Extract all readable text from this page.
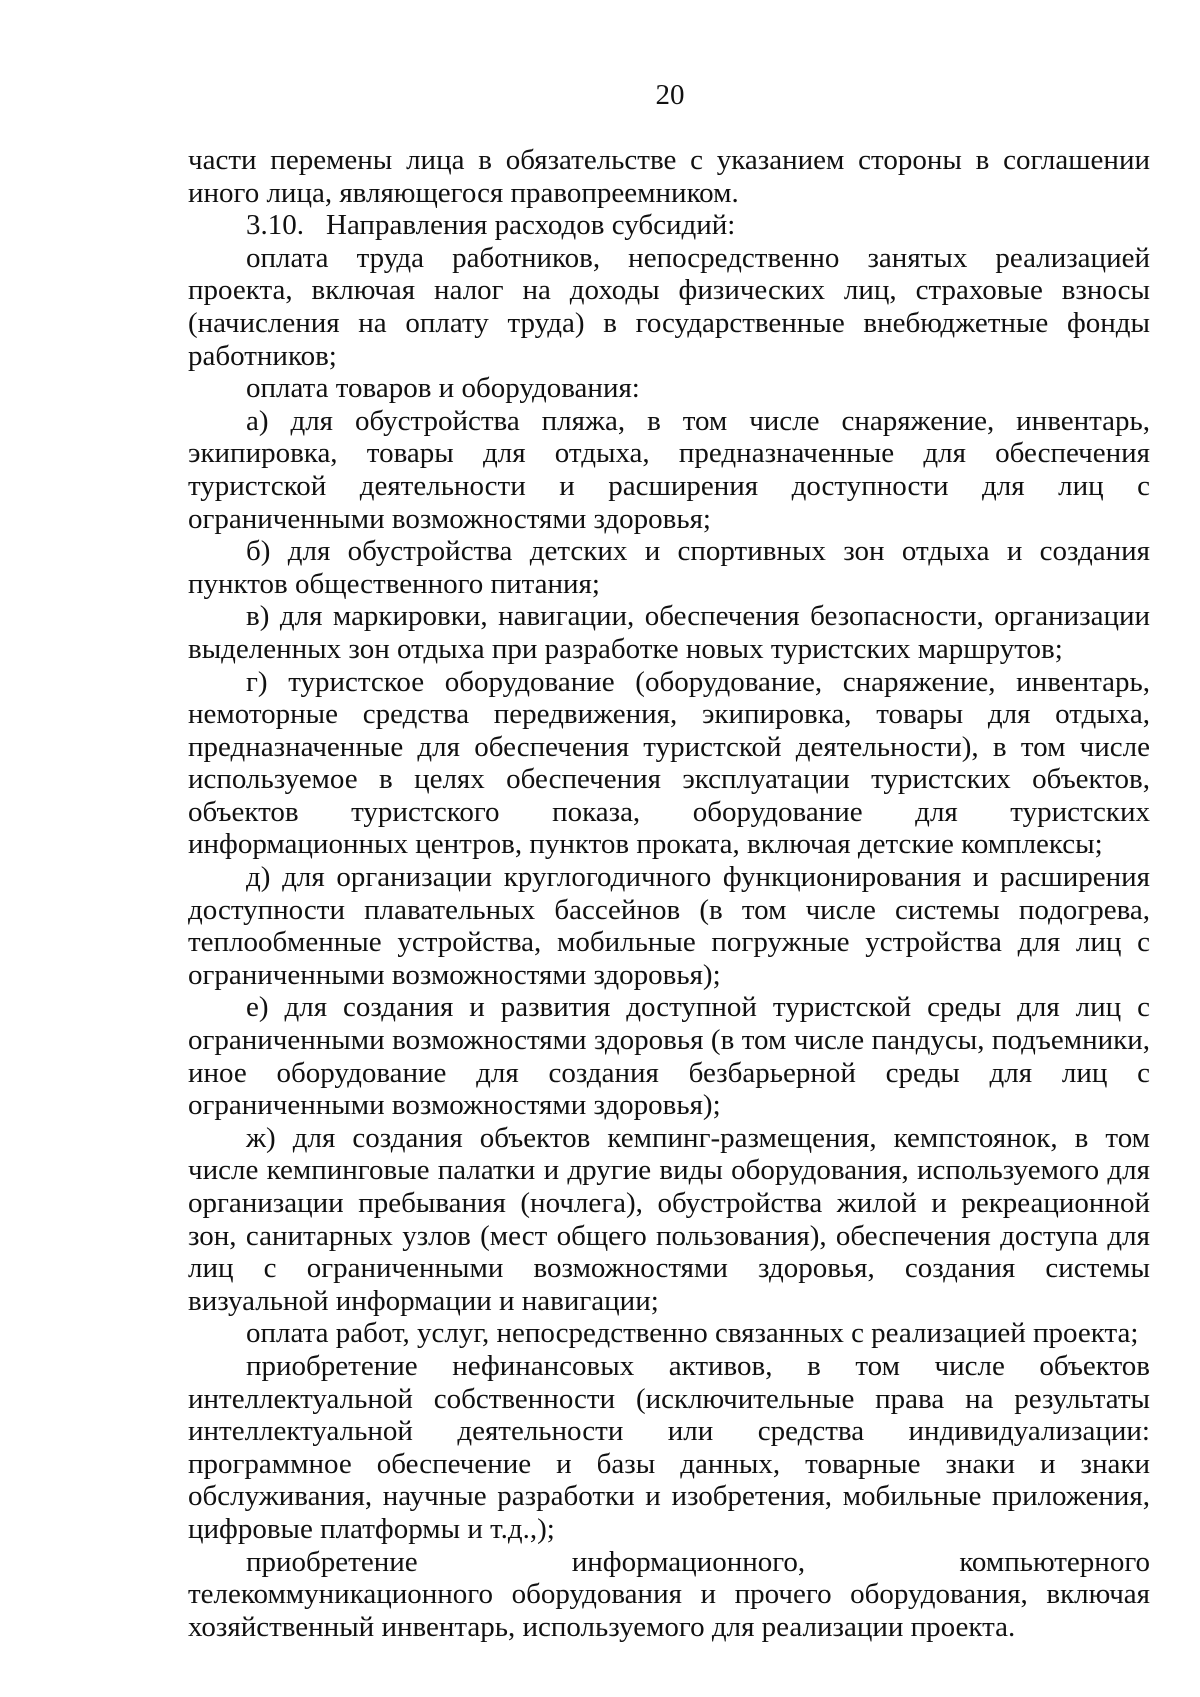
20

части перемены лица в обязательстве с указанием стороны в соглашении иного лица, являющегося правопреемником.

3.10. Направления расходов субсидий:

оплата труда работников, непосредственно занятых реализацией проекта, включая налог на доходы физических лиц, страховые взносы (начисления на оплату труда) в государственные внебюджетные фонды работников;

оплата товаров и оборудования:

а) для обустройства пляжа, в том числе снаряжение, инвентарь, экипировка, товары для отдыха, предназначенные для обеспечения туристской деятельности и расширения доступности для лиц с ограниченными возможностями здоровья;

б) для обустройства детских и спортивных зон отдыха и создания пунктов общественного питания;

в) для маркировки, навигации, обеспечения безопасности, организации выделенных зон отдыха при разработке новых туристских маршрутов;

г) туристское оборудование (оборудование, снаряжение, инвентарь, немоторные средства передвижения, экипировка, товары для отдыха, предназначенные для обеспечения туристской деятельности), в том числе используемое в целях обеспечения эксплуатации туристских объектов, объектов туристского показа, оборудование для туристских информационных центров, пунктов проката, включая детские комплексы;

д) для организации круглогодичного функционирования и расширения доступности плавательных бассейнов (в том числе системы подогрева, теплообменные устройства, мобильные погружные устройства для лиц с ограниченными возможностями здоровья);

е) для создания и развития доступной туристской среды для лиц с ограниченными возможностями здоровья (в том числе пандусы, подъемники, иное оборудование для создания безбарьерной среды для лиц с ограниченными возможностями здоровья);

ж) для создания объектов кемпинг-размещения, кемпстоянок, в том числе кемпинговые палатки и другие виды оборудования, используемого для организации пребывания (ночлега), обустройства жилой и рекреационной зон, санитарных узлов (мест общего пользования), обеспечения доступа для лиц с ограниченными возможностями здоровья, создания системы визуальной информации и навигации;

оплата работ, услуг, непосредственно связанных с реализацией проекта;

приобретение нефинансовых активов, в том числе объектов интеллектуальной собственности (исключительные права на результаты интеллектуальной деятельности или средства индивидуализации: программное обеспечение и базы данных, товарные знаки и знаки обслуживания, научные разработки и изобретения, мобильные приложения, цифровые платформы и т.д.,);

приобретение информационного, компьютерного телекоммуникационного оборудования и прочего оборудования, включая хозяйственный инвентарь, используемого для реализации проекта.
